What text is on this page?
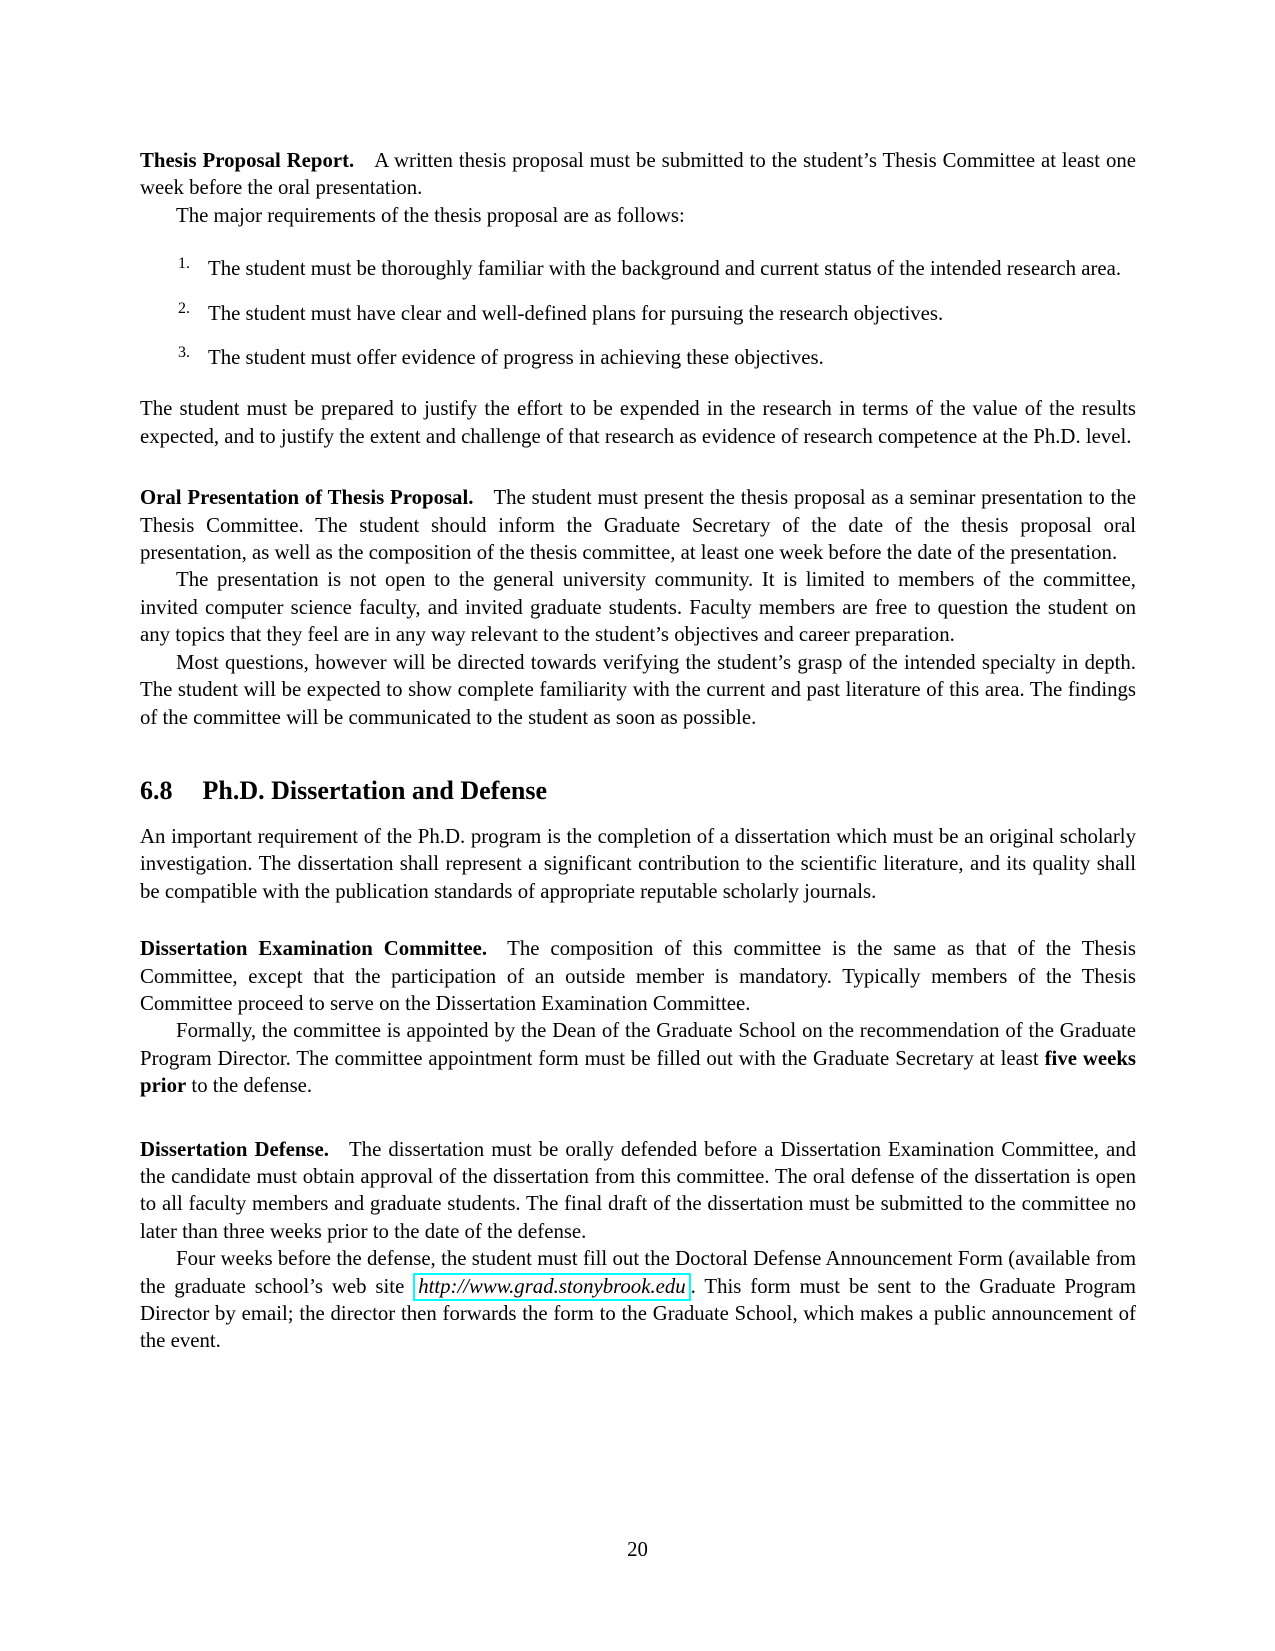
Thesis Proposal Report. A written thesis proposal must be submitted to the student’s Thesis Committee at least one week before the oral presentation.

The major requirements of the thesis proposal are as follows:

1. The student must be thoroughly familiar with the background and current status of the intended research area.
2. The student must have clear and well-defined plans for pursuing the research objectives.
3. The student must offer evidence of progress in achieving these objectives.

The student must be prepared to justify the effort to be expended in the research in terms of the value of the results expected, and to justify the extent and challenge of that research as evidence of research competence at the Ph.D. level.

Oral Presentation of Thesis Proposal. The student must present the thesis proposal as a seminar presentation to the Thesis Committee. The student should inform the Graduate Secretary of the date of the thesis proposal oral presentation, as well as the composition of the thesis committee, at least one week before the date of the presentation.

The presentation is not open to the general university community. It is limited to members of the committee, invited computer science faculty, and invited graduate students. Faculty members are free to question the student on any topics that they feel are in any way relevant to the student’s objectives and career preparation.

Most questions, however will be directed towards verifying the student’s grasp of the intended specialty in depth. The student will be expected to show complete familiarity with the current and past literature of this area. The findings of the committee will be communicated to the student as soon as possible.

6.8 Ph.D. Dissertation and Defense

An important requirement of the Ph.D. program is the completion of a dissertation which must be an original scholarly investigation. The dissertation shall represent a significant contribution to the scientific literature, and its quality shall be compatible with the publication standards of appropriate reputable scholarly journals.

Dissertation Examination Committee. The composition of this committee is the same as that of the Thesis Committee, except that the participation of an outside member is mandatory. Typically members of the Thesis Committee proceed to serve on the Dissertation Examination Committee.

Formally, the committee is appointed by the Dean of the Graduate School on the recommendation of the Graduate Program Director. The committee appointment form must be filled out with the Graduate Secretary at least five weeks prior to the defense.

Dissertation Defense. The dissertation must be orally defended before a Dissertation Examination Committee, and the candidate must obtain approval of the dissertation from this committee. The oral defense of the dissertation is open to all faculty members and graduate students. The final draft of the dissertation must be submitted to the committee no later than three weeks prior to the date of the defense.

Four weeks before the defense, the student must fill out the Doctoral Defense Announcement Form (available from the graduate school’s web site http://www.grad.stonybrook.edu . This form must be sent to the Graduate Program Director by email; the director then forwards the form to the Graduate School, which makes a public announcement of the event.

20
